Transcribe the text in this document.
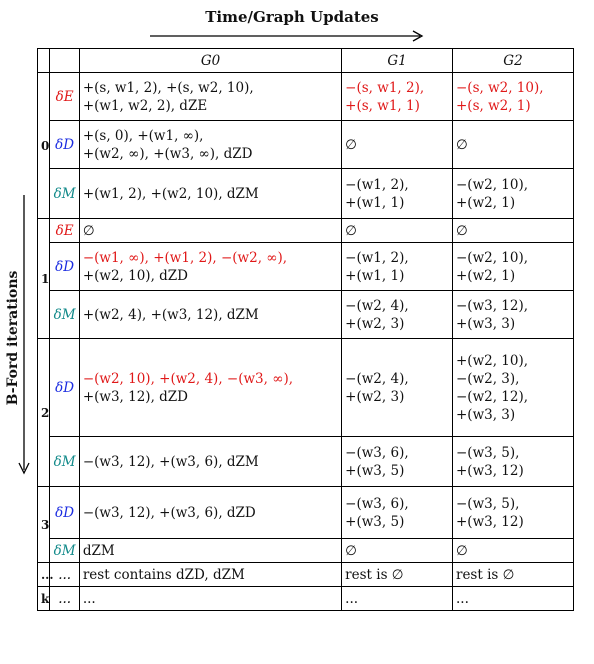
Time/Graph Updates
B-Ford iterations
		G0	G1	G2
0	δE	+(s, w1, 2), +(s, w2, 10),
+(w1, w2, 2), dZE	−(s, w1, 2),
+(s, w1, 1)	−(s, w2, 10),
+(s, w2, 1)

	δD	+(s, 0), +(w1, ∞),
+(w2, ∞), +(w3, ∞), dZD	∅	∅
	δM	+(w1, 2), +(w2, 10), dZM	−(w1, 2),
+(w1, 1)	−(w2, 10),
+(w2, 1)

1	δE	∅	∅	∅
	δD	−(w1, ∞), +(w1, 2), −(w2, ∞),
+(w2, 10), dZD	−(w1, 2),
+(w1, 1)	−(w2, 10),
+(w2, 1)

	δM	+(w2, 4), +(w3, 12), dZM	−(w2, 4),
+(w2, 3)	−(w3, 12),
+(w3, 3)

2	δD	−(w2, 10), +(w2, 4), −(w3, ∞),
+(w3, 12), dZD	−(w2, 4),
+(w2, 3)	+(w2, 10),
−(w2, 3),
−(w2, 12),
+(w3, 3)

	δM	−(w3, 12), +(w3, 6), dZM	−(w3, 6),
+(w3, 5)	−(w3, 5),
+(w3, 12)

3	δD	−(w3, 12), +(w3, 6), dZD	−(w3, 6),
+(w3, 5)	−(w3, 5),
+(w3, 12)

	δM	dZM	∅	∅
...	...	rest contains dZD, dZM	rest is ∅	rest is ∅
k	...	...	...	...
